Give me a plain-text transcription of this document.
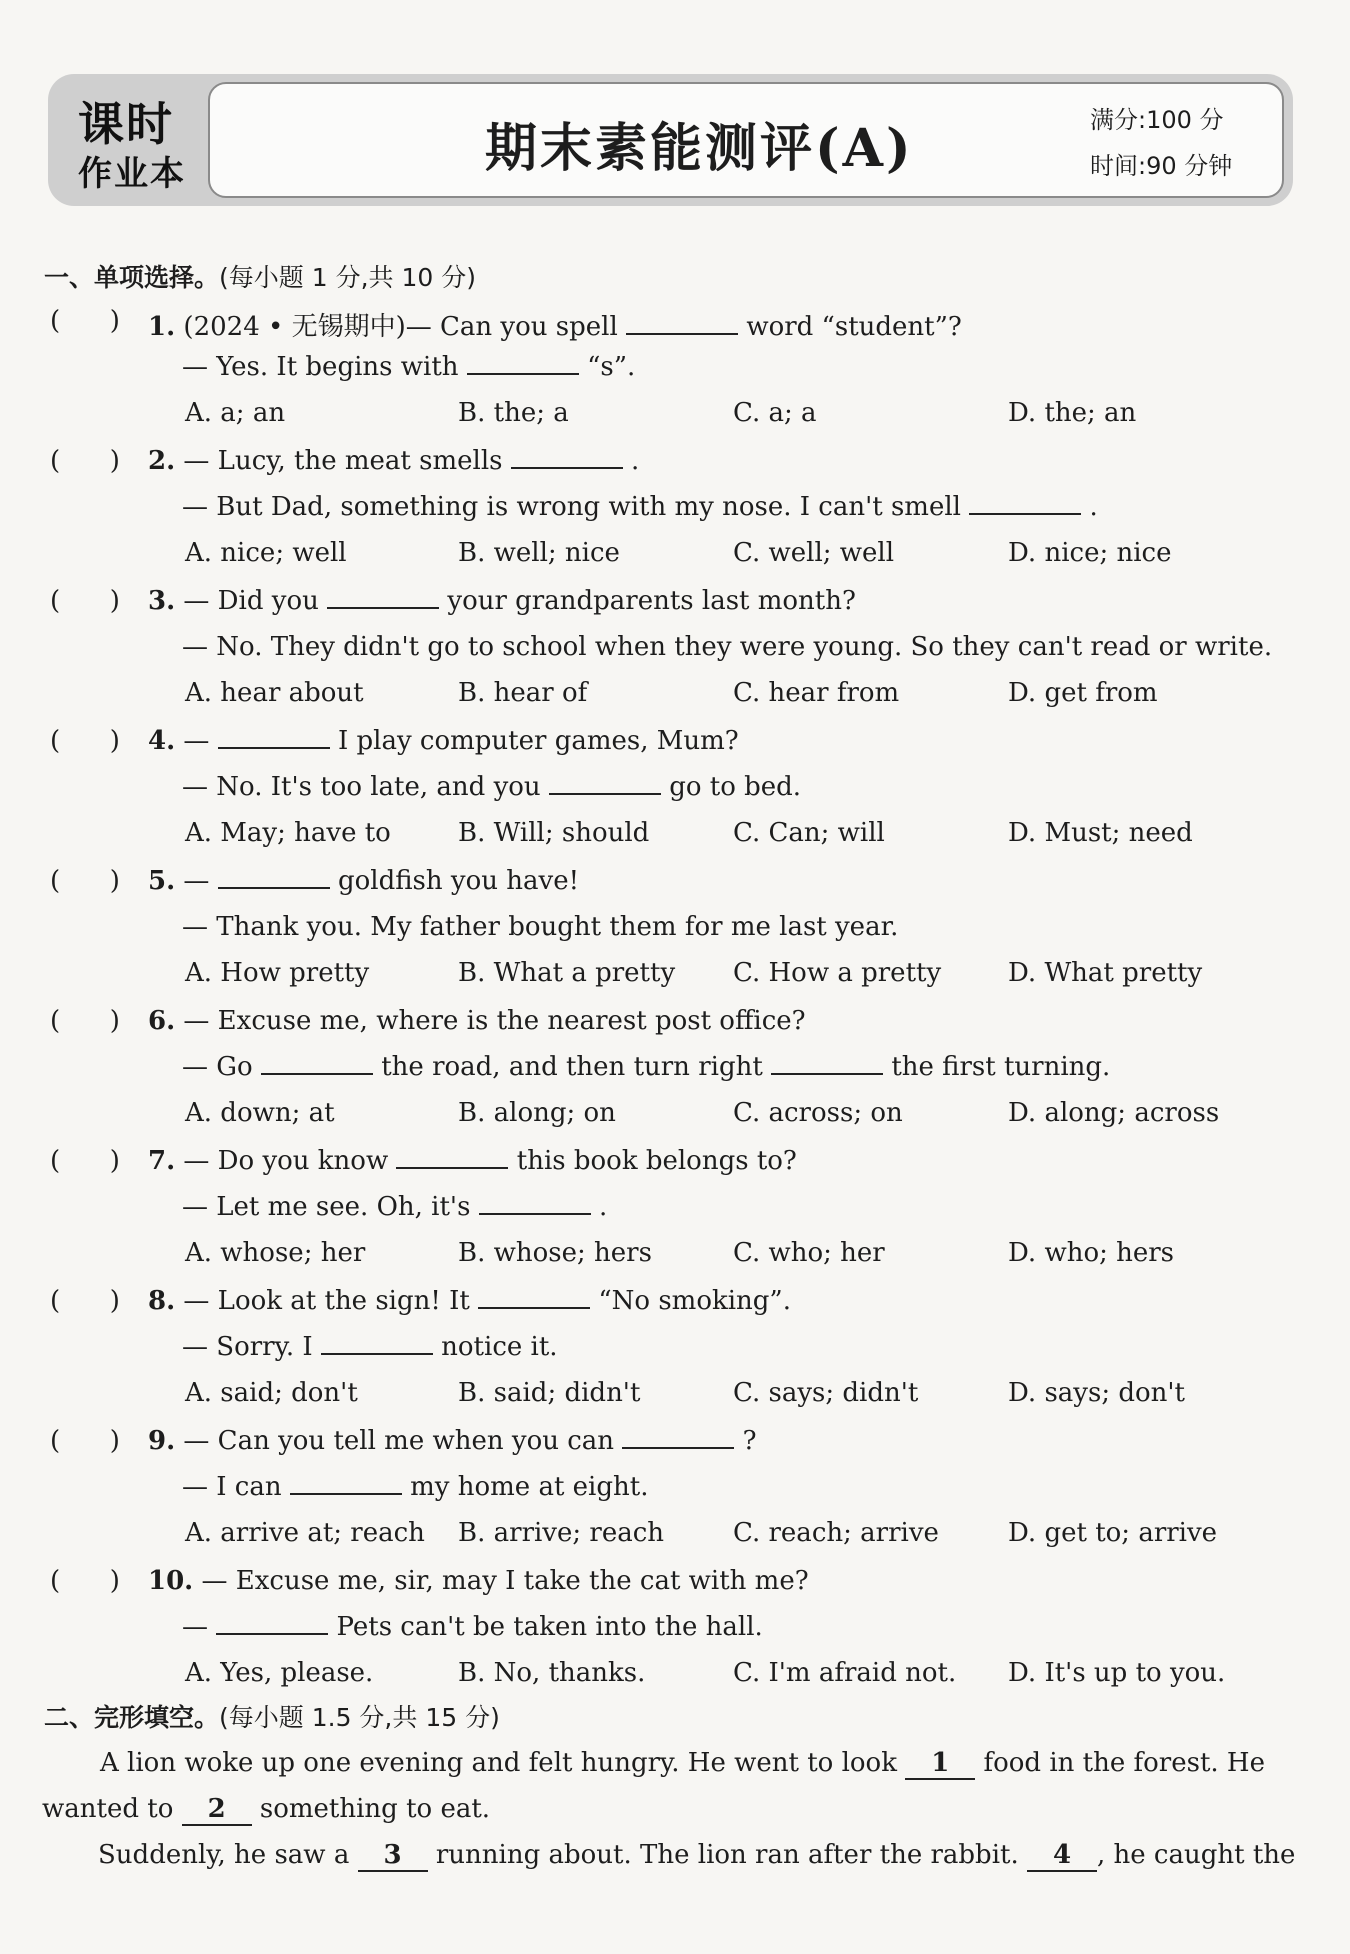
课时
作业本	期末素能测评(A)	满分:100 分
时间:90 分钟
一、单项选择。(每小题 1 分,共 10 分)
(      ) 1. (2024 • 无锡期中)— Can you spell	word “student”?
— Yes. It begins with	“s”.
A. a; an	B. the; a	C. a; a	D. the; an
(      ) 2. — Lucy, the meat smells	.
— But Dad, something is wrong with my nose. I can't smell	.
A. nice; well	B. well; nice	C. well; well	D. nice; nice
(      ) 3. — Did you	your grandparents last month?
— No. They didn't go to school when they were young. So they can't read or write.
A. hear about	B. hear of	C. hear from	D. get from
(      ) 4. —	I play computer games, Mum?
— No. It's too late, and you	go to bed.
A. May; have to	B. Will; should	C. Can; will	D. Must; need
(      ) 5. —	goldfish you have!
— Thank you. My father bought them for me last year.
A. How pretty	B. What a pretty C. How a pretty	D. What pretty
(      ) 6. — Excuse me, where is the nearest post office?
— Go	the road, and then turn right	the first turning.
A. down; at	B. along; on	C. across; on	D. along; across
(      ) 7. — Do you know	this book belongs to?
— Let me see. Oh, it's	.
A. whose; her	B. whose; hers	C. who; her	D. who; hers
(      ) 8. — Look at the sign! It	“No smoking”.
— Sorry. I	notice it.
A. said; don't	B. said; didn't	C. says; didn't	D. says; don't
(      ) 9. — Can you tell me when you can	?
— I can	my home at eight.
A. arrive at; reach B. arrive; reach	C. reach; arrive	D. get to; arrive
(      ) 10. — Excuse me, sir, may I take the cat with me?
—	Pets can't be taken into the hall.
A. Yes, please.	B. No, thanks.	C. I'm afraid not. D. It's up to you.
二、完形填空。(每小题 1.5 分,共 15 分)
A lion woke up one evening and felt hungry. He went to look 1 food in the forest. He
wanted to 2 something to eat.
Suddenly, he saw a 3 running about. The lion ran after the rabbit. 4 , he caught the
